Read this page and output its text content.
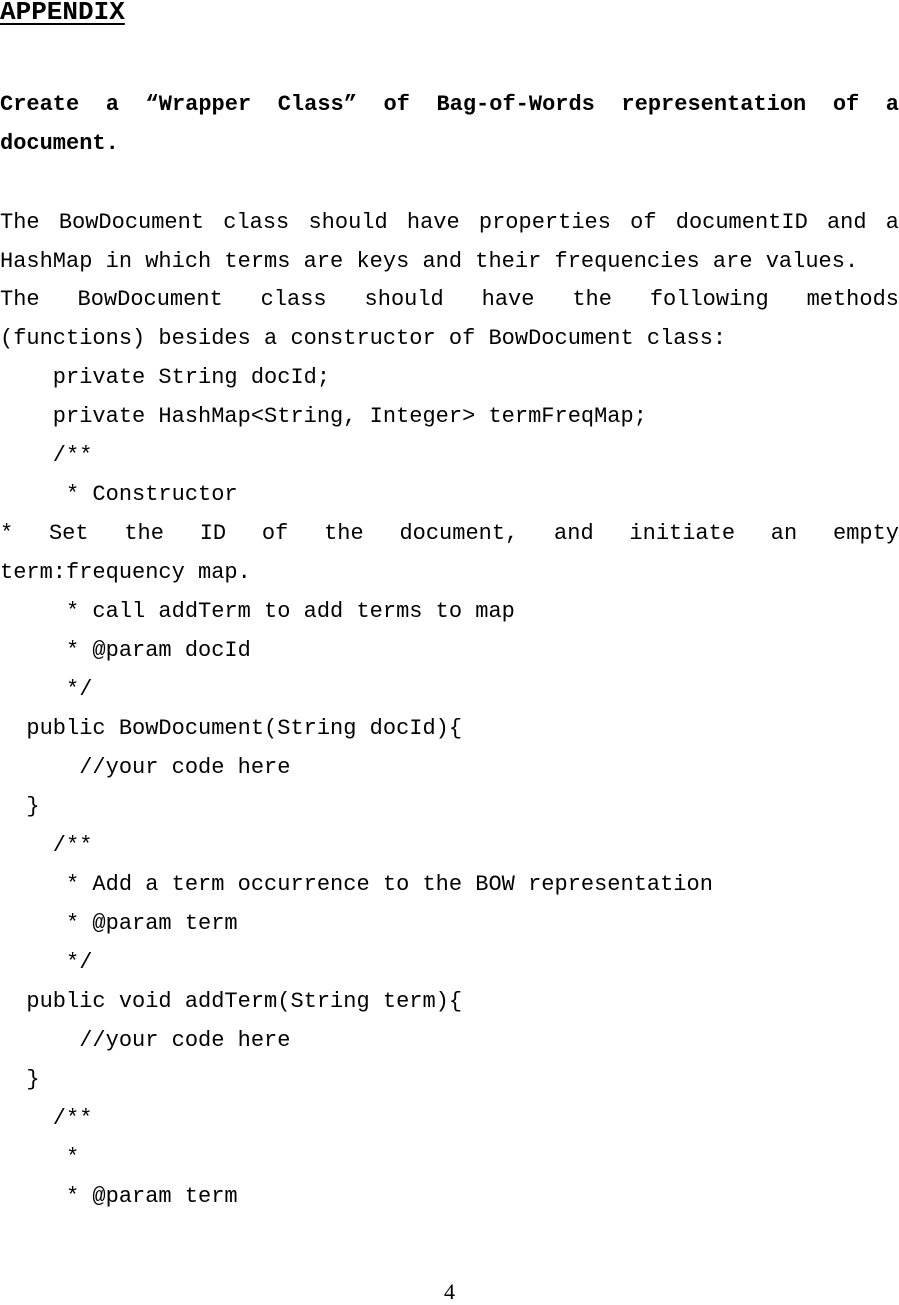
APPENDIX
Create a “Wrapper Class” of Bag-of-Words representation of a
document.
The BowDocument class should have properties of documentID and a
HashMap in which terms are keys and their frequencies are values.
The BowDocument class should have the following methods
(functions) besides a constructor of BowDocument class:
private String docId;
private HashMap<String, Integer> termFreqMap;
/**
* Constructor
* Set the ID of the document, and initiate an empty
term:frequency map.
* call addTerm to add terms to map
* @param docId
*/
public BowDocument(String docId){
//your code here
}
/**
* Add a term occurrence to the BOW representation
* @param term
*/
public void addTerm(String term){
//your code here
}
/**
*
* @param term
4
